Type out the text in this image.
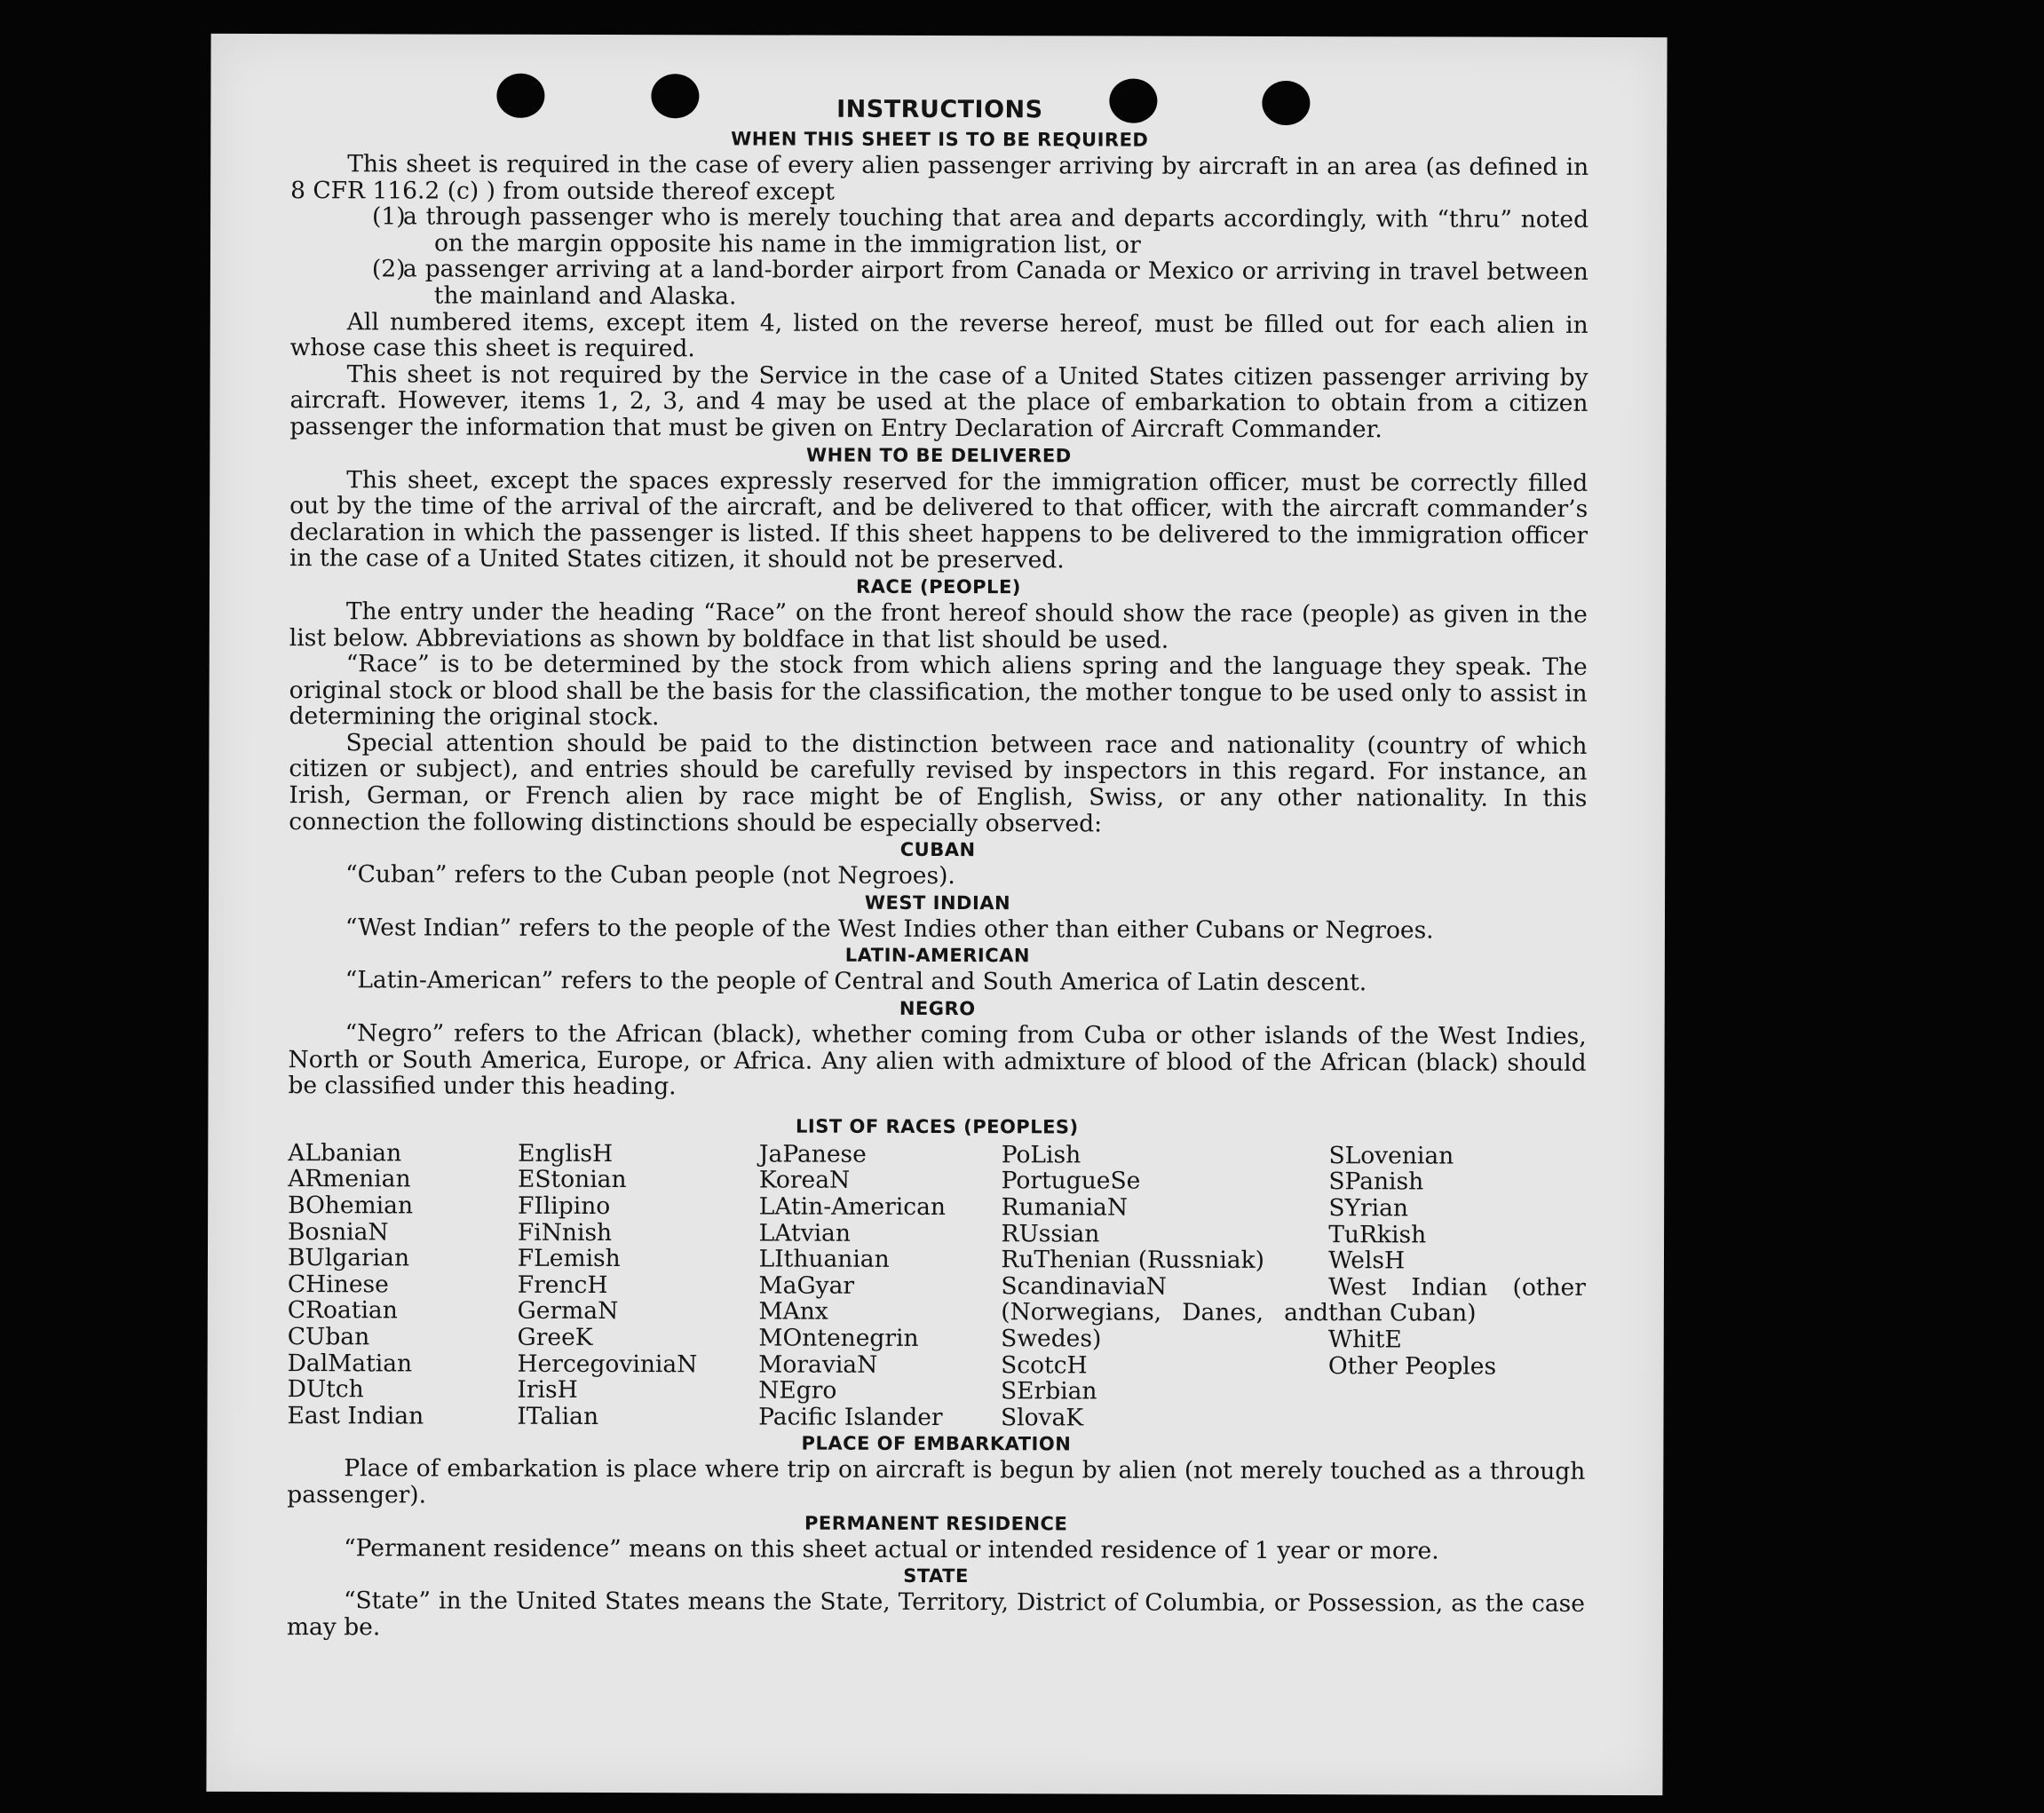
INSTRUCTIONS
WHEN THIS SHEET IS TO BE REQUIRED

This sheet is required in the case of every alien passenger arriving by aircraft in an area (as defined in 8 CFR 116.2 (c) ) from outside thereof except

(1)a through passenger who is merely touching that area and departs accordingly, with “thru” noted on the margin opposite his name in the immigration list, or

(2)a passenger arriving at a land-border airport from Canada or Mexico or arriving in travel between the mainland and Alaska.

All numbered items, except item 4, listed on the reverse hereof, must be filled out for each alien in whose case this sheet is required.

This sheet is not required by the Service in the case of a United States citizen passenger arriving by aircraft. However, items 1, 2, 3, and 4 may be used at the place of embarkation to obtain from a citizen passenger the information that must be given on Entry Declaration of Aircraft Commander.

WHEN TO BE DELIVERED

This sheet, except the spaces expressly reserved for the immigration officer, must be correctly filled out by the time of the arrival of the aircraft, and be delivered to that officer, with the aircraft commander’s declaration in which the passenger is listed. If this sheet happens to be delivered to the immigration officer in the case of a United States citizen, it should not be preserved.

RACE (PEOPLE)

The entry under the heading “Race” on the front hereof should show the race (people) as given in the list below. Abbreviations as shown by boldface in that list should be used.

“Race” is to be determined by the stock from which aliens spring and the language they speak. The original stock or blood shall be the basis for the classification, the mother tongue to be used only to assist in determining the original stock.

Special attention should be paid to the distinction between race and nationality (country of which citizen or subject), and entries should be carefully revised by inspectors in this regard. For instance, an Irish, German, or French alien by race might be of English, Swiss, or any other nationality. In this connection the following distinctions should be especially observed:

CUBAN

“Cuban” refers to the Cuban people (not Negroes).

WEST INDIAN

“West Indian” refers to the people of the West Indies other than either Cubans or Negroes.

LATIN-AMERICAN

“Latin-American” refers to the people of Central and South America of Latin descent.

NEGRO

“Negro” refers to the African (black), whether coming from Cuba or other islands of the West Indies, North or South America, Europe, or Africa. Any alien with admixture of blood of the African (black) should be classified under this heading.

LIST OF RACES (PEOPLES)
ALbanian
ARmenian
BOhemian
BosniaN
BUlgarian
CHinese
CRoatian
CUban
DalMatian
DUtch
East Indian
EnglisH
EStonian
FIlipino
FiNnish
FLemish
FrencH
GermaN
GreeK
HercegoviniaN
IrisH
ITalian
JaPanese
KoreaN
LAtin-American
LAtvian
LIthuanian
MaGyar
MAnx
MOntenegrin
MoraviaN
NEgro
Pacific Islander
PoLish
PortugueSe
RumaniaN
RUssian
RuThenian (Russniak)
ScandinaviaN (Norwegians, Danes, and Swedes)
ScotcH
SErbian
SlovaK
SLovenian
SPanish
SYrian
TuRkish
WelsH
West Indian (other than Cuban)
WhitE
Other Peoples
PLACE OF EMBARKATION

Place of embarkation is place where trip on aircraft is begun by alien (not merely touched as a through passenger).

PERMANENT RESIDENCE

“Permanent residence” means on this sheet actual or intended residence of 1 year or more.

STATE

“State” in the United States means the State, Territory, District of Columbia, or Possession, as the case may be.
